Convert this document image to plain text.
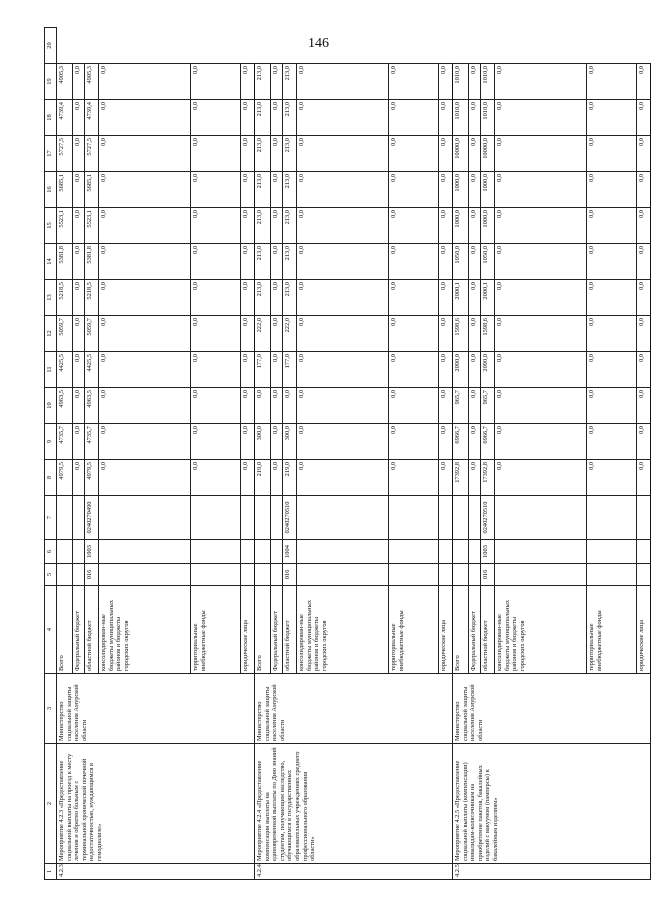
146
1	2	3	4	5	6	7	8	9	10	11	12	13	14	15	16	17	18	19	20
4.2.3.	Мероприятие 4.2.3 «Предоставление социальной выплаты на проезд к месту лечения и обратно больным с терминальной хронической почечной недостаточностью, нуждающимся в гемодиализе»	Министерство социальной защиты населения Амурской области	Всего				4979,5	4735,7	4963,5	4425,5	5059,7	5218,5	5381,8	5523,1	5685,1	5727,5	4739,4	4905,3	
			Федеральный бюджет				0,0	0,0	0,0	0,0	0,0	0,0	0,0	0,0	0,0	0,0	0,0	0,0	
			областной бюджет	016	1003	0240270490	4979,5	4735,7	4963,5	4425,5	5059,7	5218,5	5381,8	5523,1	5685,1	5727,5	4739,4	4905,3	
			консолидирован-ные бюджеты муниципальных районов и бюджеты городских округов				0,0	0,0	0,0	0,0	0,0	0,0	0,0	0,0	0,0	0,0	0,0	0,0	
			территориальные внебюджетные фонды				0,0	0,0	0,0	0,0	0,0	0,0	0,0	0,0	0,0	0,0	0,0	0,0	
			юридические лица				0,0	0,0	0,0	0,0	0,0	0,0	0,0	0,0	0,0	0,0	0,0	0,0	
4.2.4	Мероприятие 4.2.4 «Предоставление компенсации выплаты на единовременной выплаты по Дню знаний студентам, получающим наследство, обучающимся в государственных образовательных учреждениях среднего профессионального образования области»	Министерство социальной защиты населения Амурской области	Всего				219,0	300,0	0,0	177,0	222,0	213,0	213,0	213,0	213,0	213,0	213,0	213,0	
			Федеральный бюджет				0,0	0,0	0,0	0,0	0,0	0,0	0,0	0,0	0,0	0,0	0,0	0,0	
			областной бюджет	016	1004	0240270510	219,0	300,0	0,0	177,0	222,0	213,0	213,0	213,0	213,0	213,0	213,0	213,0	
			консолидирован-ные бюджеты муниципальных районов и бюджеты городских округов				0,0	0,0	0,0	0,0	0,0	0,0	0,0	0,0	0,0	0,0	0,0	0,0	
			территориальные внебюджетные фонды				0,0	0,0	0,0	0,0	0,0	0,0	0,0	0,0	0,0	0,0	0,0	0,0	
			юридические лица				0,0	0,0	0,0	0,0	0,0	0,0	0,0	0,0	0,0	0,0	0,0	0,0	
4.2.5	Мероприятие 4.2.5 «Предоставление социальной выплаты (компенсации) инвалидам-колясочникам на приобретение пакетов, бакалейных изделий с вакуумом (памперсы) к бакалейным изделиям»	Министерство социальной защиты населения Амурской области	Всего				17392,8	6966,7	965,7	2090,0	1598,6	2000,1	1050,0	1000,0	1000,0	10000,0	1010,0	1010,0	
			Федеральный бюджет				0,0	0,0	0,0	0,0	0,0	0,0	0,0	0,0	0,0	0,0	0,0	0,0	
			областной бюджет	016	1003	0240270510	17392,8	6966,7	965,7	2090,0	1598,6	2000,1	1050,0	1000,0	1000,0	10000,0	1010,0	1010,0	
			консолидирован-ные бюджеты муниципальных районов и бюджеты городских округов				0,0	0,0	0,0	0,0	0,0	0,0	0,0	0,0	0,0	0,0	0,0	0,0	
			территориальные внебюджетные фонды				0,0	0,0	0,0	0,0	0,0	0,0	0,0	0,0	0,0	0,0	0,0	0,0	
			юридические лица				0,0	0,0	0,0	0,0	0,0	0,0	0,0	0,0	0,0	0,0	0,0	0,0	
